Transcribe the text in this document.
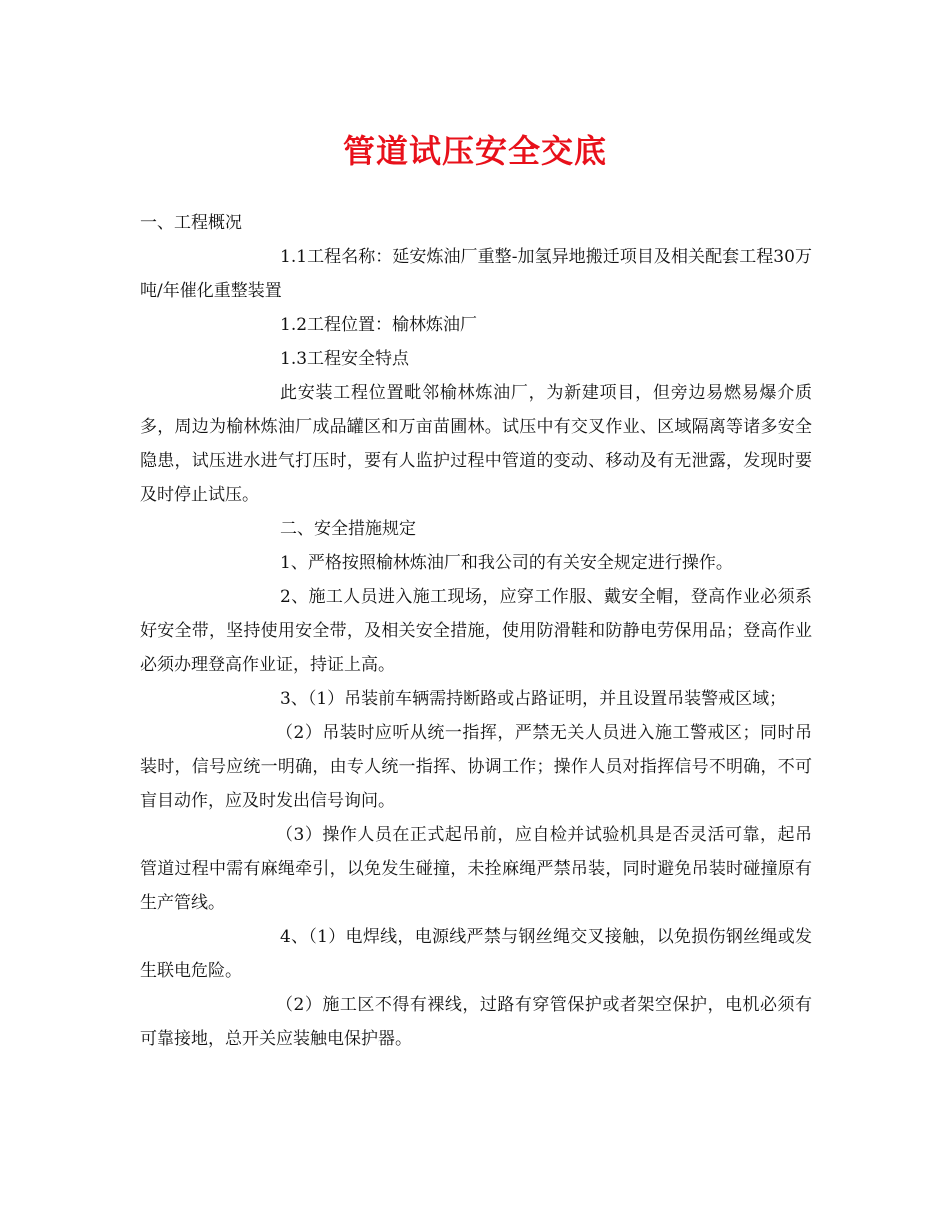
管道试压安全交底

一、工程概况

1.1工程名称：延安炼油厂重整-加氢异地搬迁项目及相关配套工程30万吨/年催化重整装置

1.2工程位置：榆林炼油厂

1.3工程安全特点

此安装工程位置毗邻榆林炼油厂，为新建项目，但旁边易燃易爆介质多，周边为榆林炼油厂成品罐区和万亩苗圃林。试压中有交叉作业、区域隔离等诸多安全隐患，试压进水进气打压时，要有人监护过程中管道的变动、移动及有无泄露，发现时要及时停止试压。

二、安全措施规定

1、严格按照榆林炼油厂和我公司的有关安全规定进行操作。

2、施工人员进入施工现场，应穿工作服、戴安全帽，登高作业必须系好安全带，坚持使用安全带，及相关安全措施，使用防滑鞋和防静电劳保用品；登高作业必须办理登高作业证，持证上高。

3、（1）吊装前车辆需持断路或占路证明，并且设置吊装警戒区域；

（2）吊装时应听从统一指挥，严禁无关人员进入施工警戒区；同时吊装时，信号应统一明确，由专人统一指挥、协调工作；操作人员对指挥信号不明确，不可盲目动作，应及时发出信号询问。

（3）操作人员在正式起吊前，应自检并试验机具是否灵活可靠，起吊管道过程中需有麻绳牵引，以免发生碰撞，未拴麻绳严禁吊装，同时避免吊装时碰撞原有生产管线。

4、（1）电焊线，电源线严禁与钢丝绳交叉接触，以免损伤钢丝绳或发生联电危险。

（2）施工区不得有裸线，过路有穿管保护或者架空保护，电机必须有可靠接地，总开关应装触电保护器。
